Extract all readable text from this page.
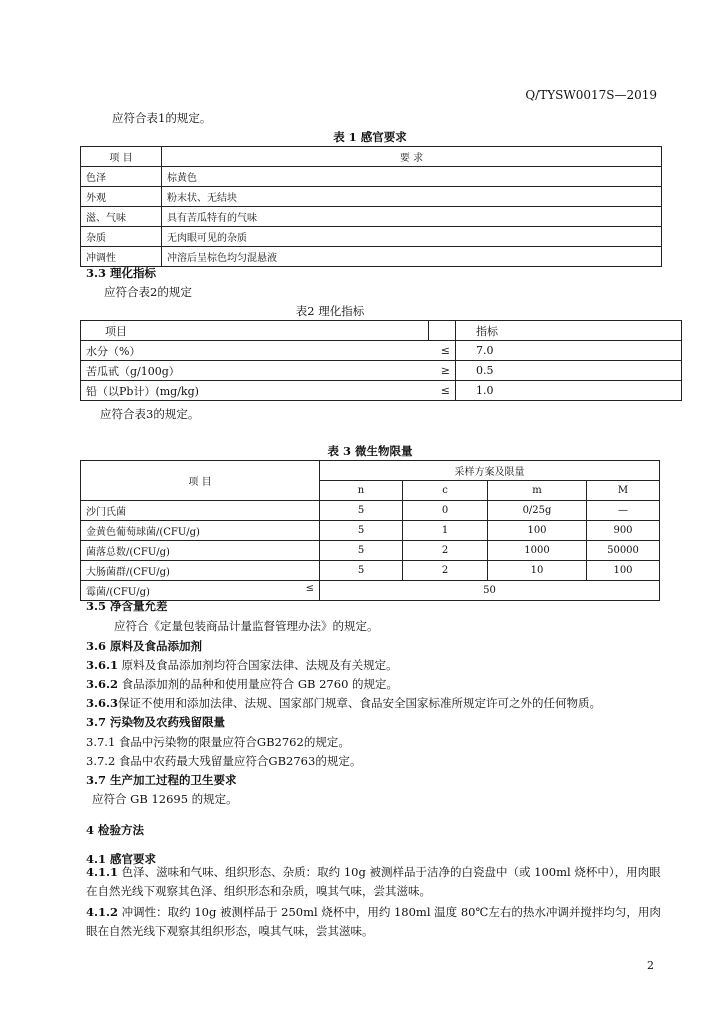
Q/TYSW0017S—2019
应符合表1的规定。
表 1 感官要求
项 目	要 求
色泽	棕黄色
外观	粉末状、无结块
滋、气味	具有苦瓜特有的气味
杂质	无肉眼可见的杂质
冲调性	冲溶后呈棕色均匀混悬液
3.3 理化指标
应符合表2的规定
表2 理化指标
项目		指标
水分（%）	≤	7.0
苦瓜甙（g/100g）	≥	0.5
铅（以Pb计）(mg/kg)	≤	1.0
应符合表3的规定。
表 3 微生物限量
项 目	采样方案及限量			
	n	c	m	M
沙门氏菌	5	0	0/25g	—
金黄色葡萄球菌/(CFU/g)	5	1	100	900
菌落总数/(CFU/g)	5	2	1000	50000
大肠菌群/(CFU/g)	5	2	10	100
霉菌/(CFU/g) ≤	50			
3.5 净含量允差
应符合《定量包装商品计量监督管理办法》的规定。
3.6 原料及食品添加剂
3.6.1 原料及食品添加剂均符合国家法律、法规及有关规定。
3.6.2 食品添加剂的品种和使用量应符合 GB 2760 的规定。
3.6.3保证不使用和添加法律、法规、国家部门规章、食品安全国家标准所规定许可之外的任何物质。
3.7 污染物及农药残留限量
3.7.1 食品中污染物的限量应符合GB2762的规定。
3.7.2 食品中农药最大残留量应符合GB2763的规定。
3.7 生产加工过程的卫生要求
应符合 GB 12695 的规定。
4 检验方法
4.1 感官要求
4.1.1 色泽、滋味和气味、组织形态、杂质：取约 10g 被测样品于洁净的白瓷盘中（或 100ml 烧杯中），用肉眼在自然光线下观察其色泽、组织形态和杂质，嗅其气味，尝其滋味。
4.1.2 冲调性：取约 10g 被测样品于 250ml 烧杯中，用约 180ml 温度 80℃左右的热水冲调并搅拌均匀，用肉眼在自然光线下观察其组织形态，嗅其气味，尝其滋味。
2
